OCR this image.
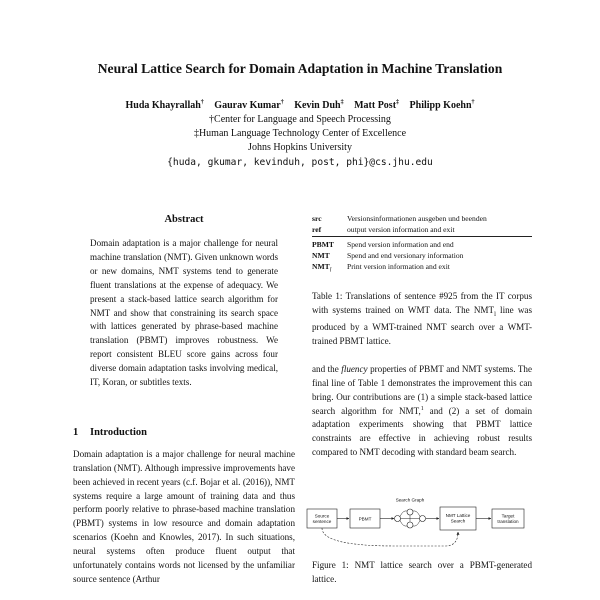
Neural Lattice Search for Domain Adaptation in Machine Translation
Huda Khayrallah† Gaurav Kumar† Kevin Duh‡ Matt Post‡ Philipp Koehn†
†Center for Language and Speech Processing
‡Human Language Technology Center of Excellence
Johns Hopkins University
{huda, gkumar, kevinduh, post, phi}@cs.jhu.edu
Abstract
Domain adaptation is a major challenge for neural machine translation (NMT). Given unknown words or new domains, NMT systems tend to generate fluent translations at the expense of adequacy. We present a stack-based lattice search algorithm for NMT and show that constraining its search space with lattices generated by phrase-based machine translation (PBMT) improves robustness. We report consistent BLEU score gains across four diverse domain adaptation tasks involving medical, IT, Koran, or subtitles texts.
1 Introduction
Domain adaptation is a major challenge for neural machine translation (NMT). Although impressive improvements have been achieved in recent years (c.f. Bojar et al. (2016)), NMT systems require a large amount of training data and thus perform poorly relative to phrase-based machine translation (PBMT) systems in low resource and domain adaptation scenarios (Koehn and Knowles, 2017). In such situations, neural systems often produce fluent output that unfortunately contains words not licensed by the unfamiliar source sentence (Arthur
src	Versionsinformationen ausgeben und beenden
ref	output version information and exit
PBMT	Spend version information and end
NMT	Spend and end versionary information
$NMT_l$	Print version information and exit
Table 1: Translations of sentence #925 from the IT corpus with systems trained on WMT data. The $NMT_l$ line was produced by a WMT-trained NMT search over a WMT-trained PBMT lattice.
and the fluency properties of PBMT and NMT systems. The final line of Table 1 demonstrates the improvement this can bring. Our contributions are (1) a simple stack-based lattice search algorithm for NMT,$^1$ and (2) a set of domain adaptation experiments showing that PBMT lattice constraints are effective in achieving robust results compared to NMT decoding with standard beam search.
Source
sentence	PBMT
Search Graph
NMT Lattice
Search
Target
translation
Figure 1: NMT lattice search over a PBMT-generated lattice.
